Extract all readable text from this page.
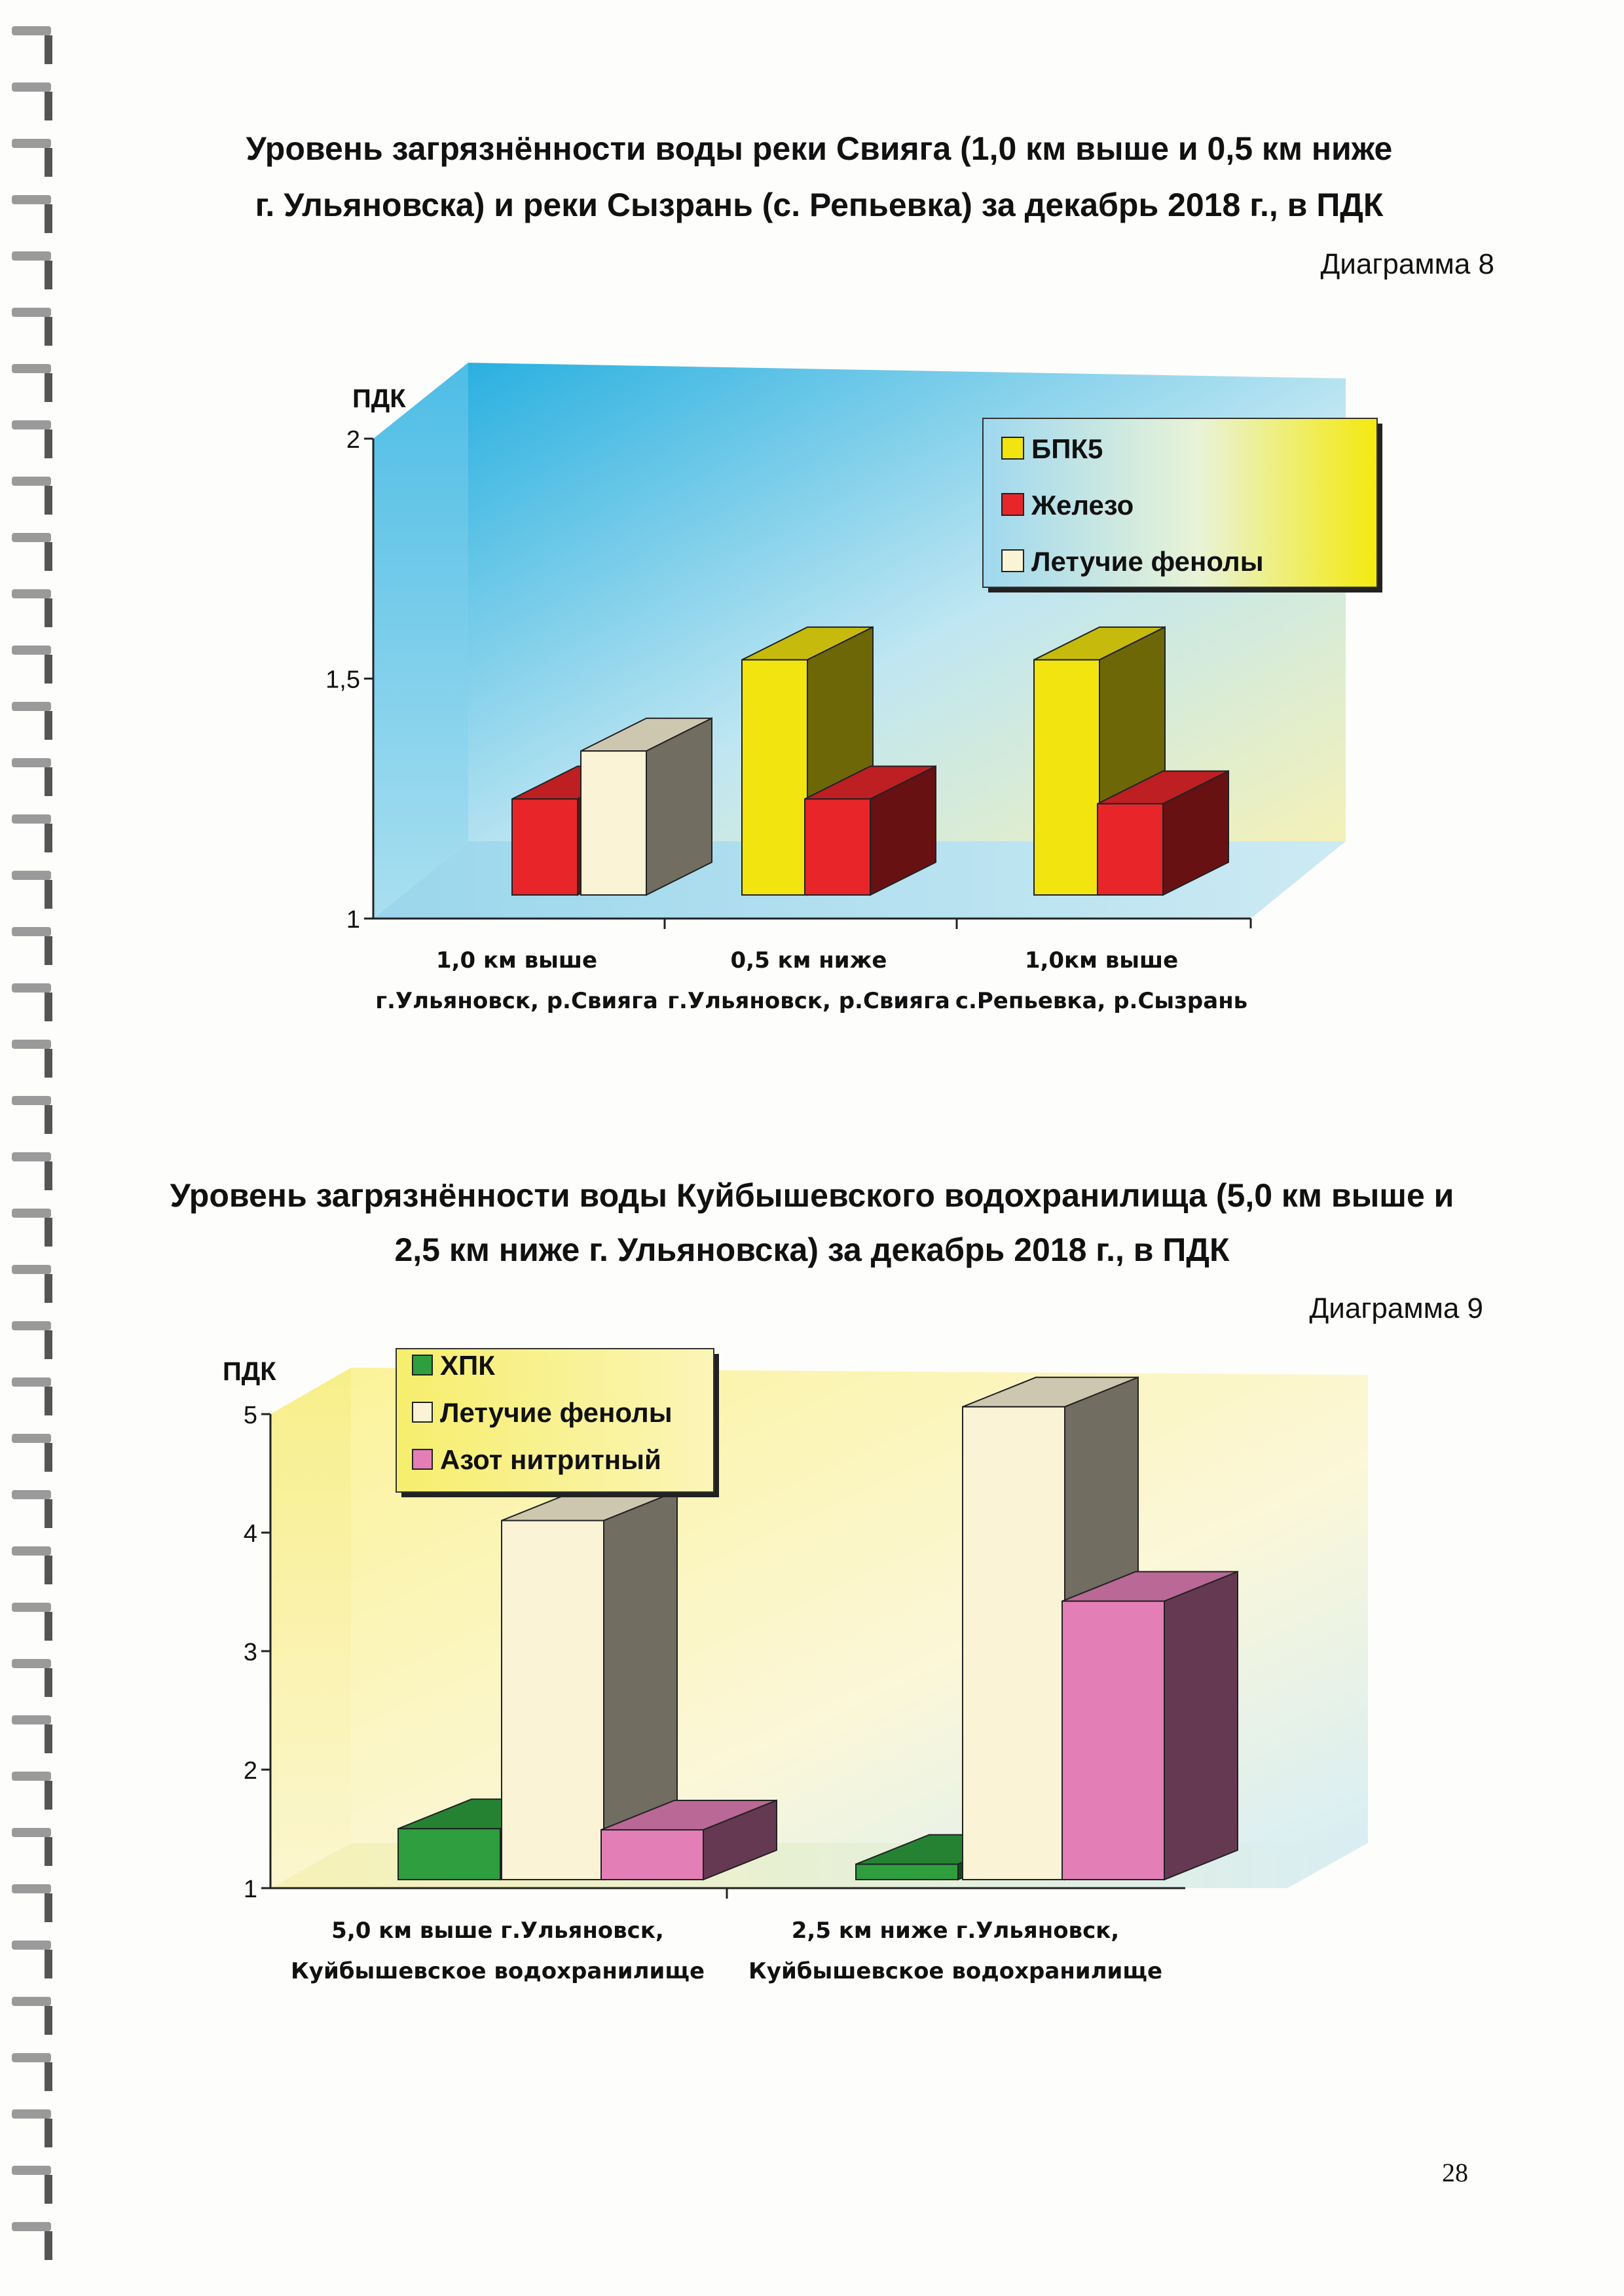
Уровень загрязнённости воды реки Свияга (1,0 км выше и 0,5 км ниже
г. Ульяновска) и реки Сызрань (с. Репьевка) за декабрь 2018 г., в ПДК
Диаграмма 8
1
1,5
2
ПДК
1,0 км выше
г.Ульяновск, р.Свияга
0,5 км ниже
г.Ульяновск, р.Свияга
1,0км выше
с.Репьевка, р.Сызрань
БПК5
Железо
Летучие фенолы
Уровень загрязнённости воды Куйбышевского водохранилища (5,0 км выше и
2,5 км ниже г. Ульяновска) за декабрь 2018 г., в ПДК
Диаграмма 9
1
2
3
4
5
ПДК
5,0 км выше г.Ульяновск,
Куйбышевское водохранилище
2,5 км ниже г.Ульяновск,
Куйбышевское водохранилище
ХПК
Летучие фенолы
Азот нитритный
28
